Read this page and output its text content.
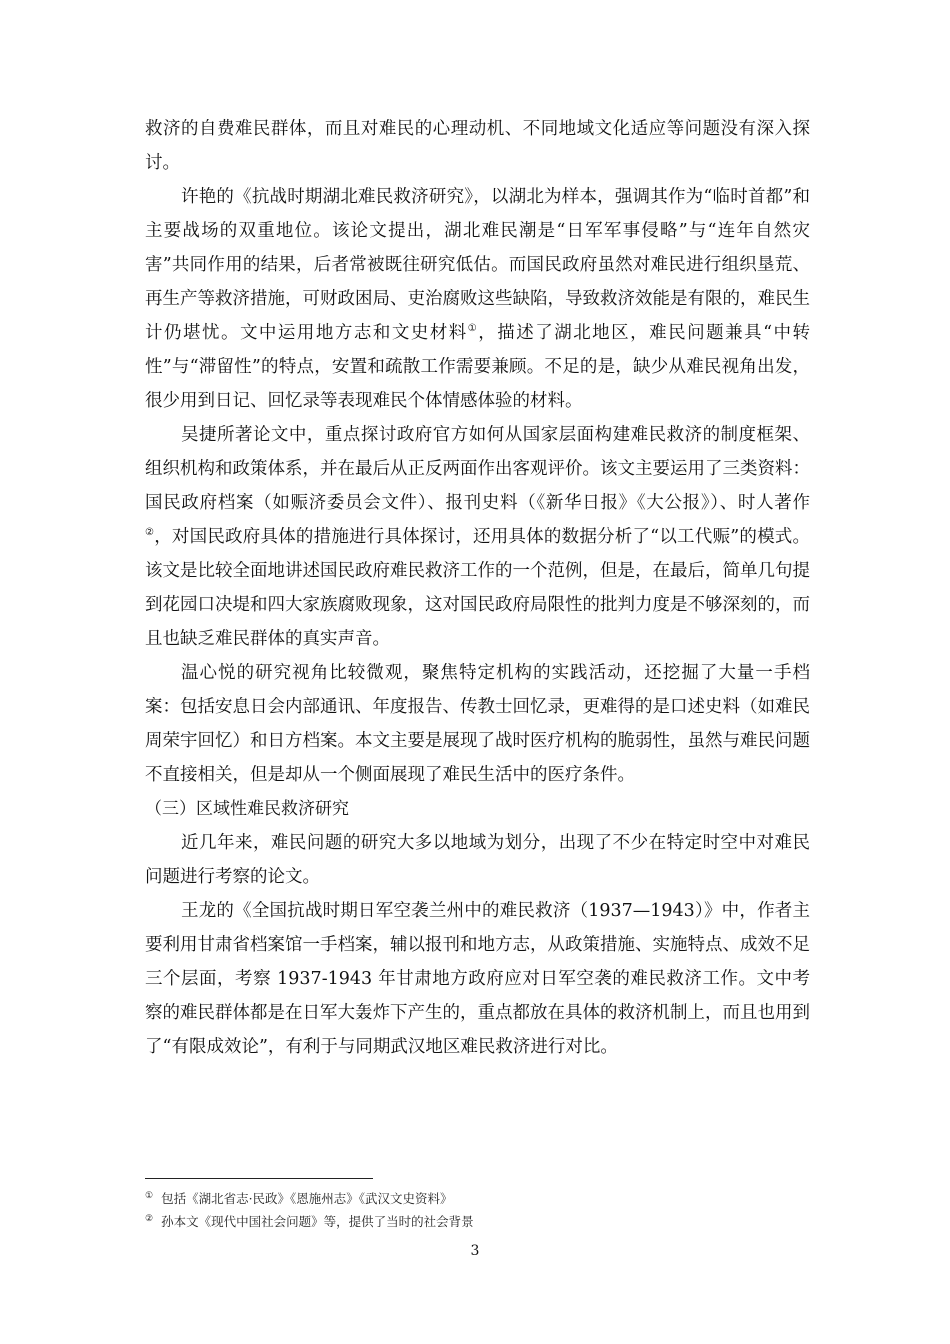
救济的自费难民群体，而且对难民的心理动机、不同地域文化适应等问题没有深入探讨。

许艳的《抗战时期湖北难民救济研究》，以湖北为样本，强调其作为“临时首都”和主要战场的双重地位。该论文提出，湖北难民潮是“日军军事侵略”与“连年自然灾害”共同作用的结果，后者常被既往研究低估。而国民政府虽然对难民进行组织垦荒、再生产等救济措施，可财政困局、吏治腐败这些缺陷，导致救济效能是有限的，难民生计仍堪忧。文中运用地方志和文史材料①，描述了湖北地区，难民问题兼具“中转性”与“滞留性”的特点，安置和疏散工作需要兼顾。不足的是，缺少从难民视角出发，很少用到日记、回忆录等表现难民个体情感体验的材料。

吴捷所著论文中，重点探讨政府官方如何从国家层面构建难民救济的制度框架、组织机构和政策体系，并在最后从正反两面作出客观评价。该文主要运用了三类资料：国民政府档案（如赈济委员会文件）、报刊史料（《新华日报》《大公报》）、时人著作②，对国民政府具体的措施进行具体探讨，还用具体的数据分析了“以工代赈”的模式。该文是比较全面地讲述国民政府难民救济工作的一个范例，但是，在最后，简单几句提到花园口决堤和四大家族腐败现象，这对国民政府局限性的批判力度是不够深刻的，而且也缺乏难民群体的真实声音。

温心悦的研究视角比较微观，聚焦特定机构的实践活动，还挖掘了大量一手档案：包括安息日会内部通讯、年度报告、传教士回忆录，更难得的是口述史料（如难民周荣宇回忆）和日方档案。本文主要是展现了战时医疗机构的脆弱性，虽然与难民问题不直接相关，但是却从一个侧面展现了难民生活中的医疗条件。

（三）区域性难民救济研究

近几年来，难民问题的研究大多以地域为划分，出现了不少在特定时空中对难民问题进行考察的论文。

王龙的《全国抗战时期日军空袭兰州中的难民救济（1937—1943）》中，作者主要利用甘肃省档案馆一手档案，辅以报刊和地方志，从政策措施、实施特点、成效不足三个层面，考察 1937-1943 年甘肃地方政府应对日军空袭的难民救济工作。文中考察的难民群体都是在日军大轰炸下产生的，重点都放在具体的救济机制上，而且也用到了“有限成效论”，有利于与同期武汉地区难民救济进行对比。

① 包括《湖北省志·民政》《恩施州志》《武汉文史资料》

② 孙本文《现代中国社会问题》等，提供了当时的社会背景

3
